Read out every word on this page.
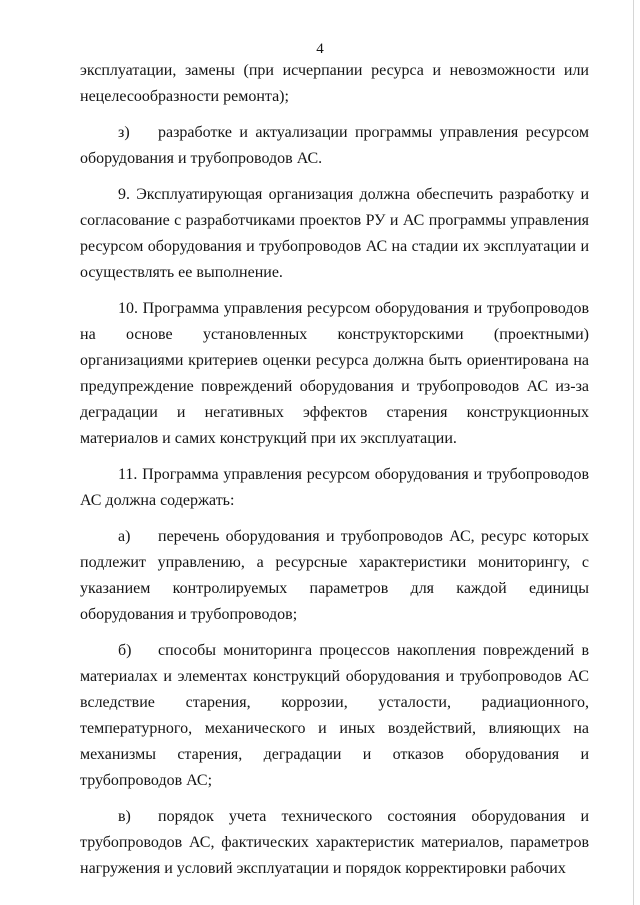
4

эксплуатации, замены (при исчерпании ресурса и невозможности или нецелесообразности ремонта);

з) разработке и актуализации программы управления ресурсом оборудования и трубопроводов АС.

9. Эксплуатирующая организация должна обеспечить разработку и согласование с разработчиками проектов РУ и АС программы управления ресурсом оборудования и трубопроводов АС на стадии их эксплуатации и осуществлять ее выполнение.

10. Программа управления ресурсом оборудования и трубопроводов на основе установленных конструкторскими (проектными) организациями критериев оценки ресурса должна быть ориентирована на предупреждение повреждений оборудования и трубопроводов АС из-за деградации и негативных эффектов старения конструкционных материалов и самих конструкций при их эксплуатации.

11. Программа управления ресурсом оборудования и трубопроводов АС должна содержать:

а) перечень оборудования и трубопроводов АС, ресурс которых подлежит управлению, а ресурсные характеристики мониторингу, с указанием контролируемых параметров для каждой единицы оборудования и трубопроводов;

б) способы мониторинга процессов накопления повреждений в материалах и элементах конструкций оборудования и трубопроводов АС вследствие старения, коррозии, усталости, радиационного, температурного, механического и иных воздействий, влияющих на механизмы старения, деградации и отказов оборудования и трубопроводов АС;

в) порядок учета технического состояния оборудования и трубопроводов АС, фактических характеристик материалов, параметров нагружения и условий эксплуатации и порядок корректировки рабочих
